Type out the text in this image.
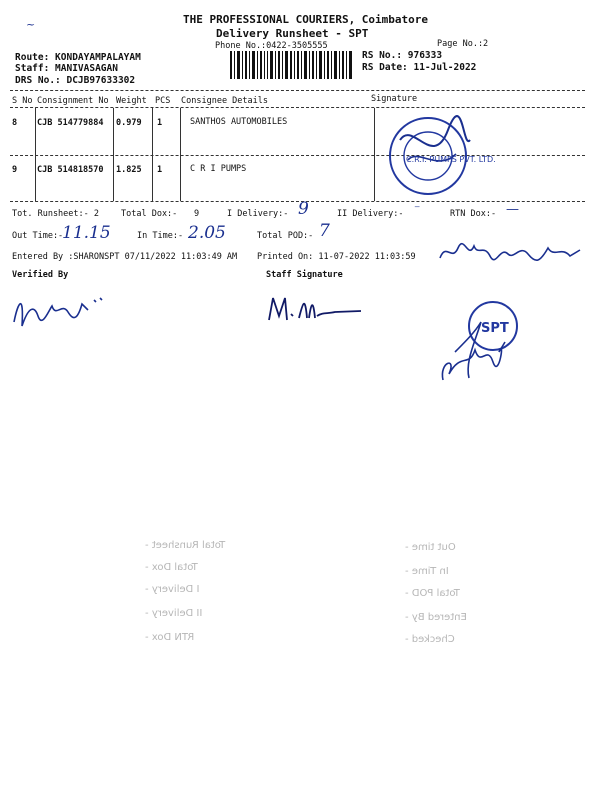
THE PROFESSIONAL COURIERS, Coimbatore
Delivery Runsheet - SPT
Phone No.:0422-3505555	Page No.:2
Route: KONDAYAMPALAYAM
Staff: MANIVASAGAN
DRS No.: DCJB97633302
RS No.: 976333
RS Date: 11-Jul-2022
~
S No Consignment No Weight PCS Consignee Details	Signature
8 CJB 514779884 0.979 1	SANTHOS AUTOMOBILES
9 CJB 514818570 1.825 1	C R I PUMPS
C.R.I. PUMPS PVT. LTD.
Tot. Runsheet:- 2	Total Dox:- 9	I Delivery:- 9	II Delivery:- ⁻	RTN Dox:- —
Out Time:-
11.15	In Time:- 2.05	Total POD:- 7
Entered By :SHARONSPT 07/11/2022 11:03:49 AM Printed On: 11-07-2022 11:03:59
Verified By	Staff Signature
SPT
Total Runsheet -
Total Dox -
I Delivery -
II Delivery -
RTN Dox -
Out time -
In Time -
Total POD -
Entered By -
Checked -
